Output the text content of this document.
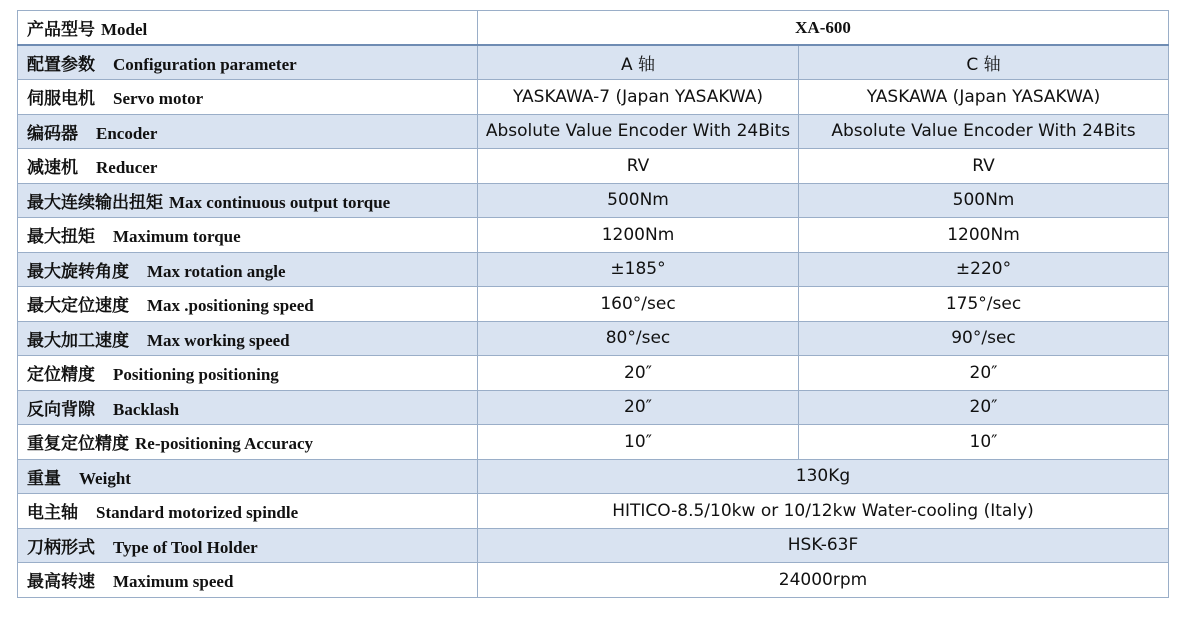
产品型号 Model	XA-600	
配置参数 Configuration parameter	A 轴	C 轴
伺服电机 Servo motor	YASKAWA-7 (Japan YASAKWA)	YASKAWA (Japan YASAKWA)
编码器 Encoder	Absolute Value Encoder With 24Bits	Absolute Value Encoder With 24Bits
减速机 Reducer	RV	RV
最大连续输出扭矩 Max continuous output torque	500Nm	500Nm
最大扭矩 Maximum torque	1200Nm	1200Nm
最大旋转角度 Max rotation angle	±185°	±220°
最大定位速度 Max .positioning speed	160°/sec	175°/sec
最大加工速度 Max working speed	80°/sec	90°/sec
定位精度 Positioning positioning	20″	20″
反向背隙 Backlash	20″	20″
重复定位精度 Re-positioning Accuracy	10″	10″
重量 Weight	130Kg	
电主轴 Standard motorized spindle	HITICO-8.5/10kw or 10/12kw Water-cooling (Italy)	
刀柄形式 Type of Tool Holder	HSK-63F	
最高转速 Maximum speed	24000rpm	
